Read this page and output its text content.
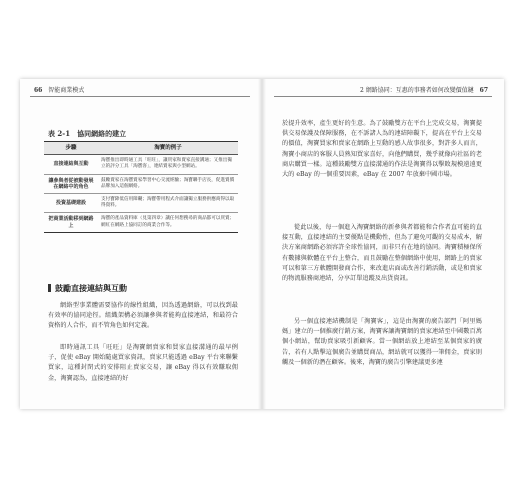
66 智能商業模式
表 2-1　協同網絡的建立
步驟	淘寶的例子
直接連結與互動	淘寶推出即時通工具「旺旺」，讓買家和賣家直接溝通；又推出獨立的評分工具「淘寶客」，連結賣家與小型網站。
讓參與者從被動發展在網絡中的角色	鼓勵賣家在淘寶賣家學習中心交流經驗；淘寶聯手店長，促進賣價品牌加入這個網絡。
投資基礎建設	支付寶降低信用障礙；淘寶帶用程式介面讓獨立服務供應商得以取得資料。
把商業活動移到網路上	淘寶的產品資料庫（見第四章）讓任何想搜尋的商品都可以買賣；網紅在網路上協同訂的商業合作等。
鼓勵直接連結與互動

網絡型事業體需要協作的線性組織，因為透過網絡，可以找到最有效率的協同途徑。組織架構必須讓參與者能夠直接連結，和最符合資格的人合作，而不管角色如何定義。

即時通訊工具「旺旺」是淘寶網賣家和買家直接溝通的最早例子，促使 eBay 開始隨處買家資訊，賣家只能透過 eBay 平台來聯繫買家，這種封閉式的安排阻止賣家交易，讓 eBay 得以有效賺取佣金，淘寶認為，直接連結的好

2 網路協同：互惠的事務者如何改變價值鏈 67

於提升效率，產生更好的生意。為了鼓勵雙方在平台上完成交易，淘寶提供交易保護及保障服務，在不訴諸人為的連結障礙下，提高在平台上交易的價值，淘寶買家和賣家在網路上互動的感人故事很多，對許多人而言，淘寶小商店的客服人員熟知買家喜好，向他們購買，幾乎就像向社區的老商店購買一樣。這種鼓勵雙方直接溝通的作法是淘寶得以擊敗規模遠遠更大的 eBay 的一個重要因素，eBay 在 2007 年放棄中國市場。

從此以後，每一個進入淘寶網絡的新參與者都能和合作者直可能的直接互動，直接連結的主要優點是機動性，但為了避免可觀的交易成本，解決方案商網路必須容許全球性協同，而非只有在地的協同。淘寶積極保所有數據與軟體在平台上整合，而且鼓勵在整個網絡中使用，網路上的賣家可以和第三方軟體開發商合作，來改進店面或改善行銷活動，或是和賣家的物流服務商連結，分享訂單追蹤及出貨資訊。

另一個直接連結機制是「淘寶客」，這是由淘寶的廣告部門「阿里媽媽」建立的一個推廣行銷方案，淘寶客讓淘寶網的賣家連結至中國數百萬個小網站，幫助賣家吸引新顧客。當一個網站放上連結至某個賣家的廣告，若有人點擊這個廣告並購買商品，網站就可以獲得一筆佣金，賣家則觸及一個新的潛在顧客。後來，淘寶的廣告引擎建議更多連
